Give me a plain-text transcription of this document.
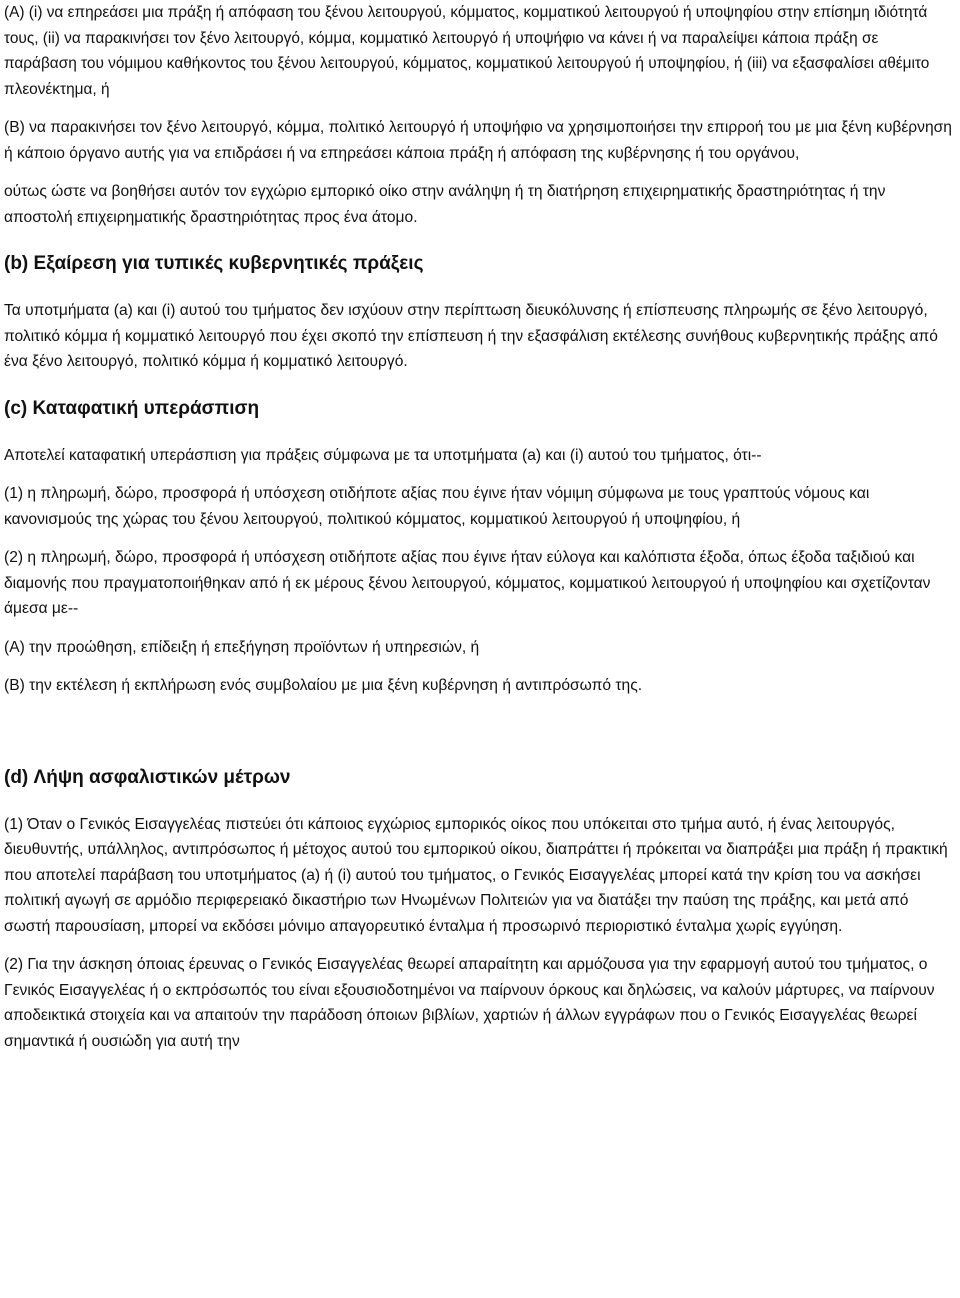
(A) (i) να επηρεάσει μια πράξη ή απόφαση του ξένου λειτουργού, κόμματος, κομματικού λειτουργού ή υποψηφίου στην επίσημη ιδιότητά τους, (ii) να παρακινήσει τον ξένο λειτουργό, κόμμα, κομματικό λειτουργό ή υποψήφιο να κάνει ή να παραλείψει κάποια πράξη σε παράβαση του νόμιμου καθήκοντος του ξένου λειτουργού, κόμματος, κομματικού λειτουργού ή υποψηφίου, ή (iii) να εξασφαλίσει αθέμιτο πλεονέκτημα, ή

(B) να παρακινήσει τον ξένο λειτουργό, κόμμα, πολιτικό λειτουργό ή υποψήφιο να χρησιμοποιήσει την επιρροή του με μια ξένη κυβέρνηση ή κάποιο όργανο αυτής για να επιδράσει ή να επηρεάσει κάποια πράξη ή απόφαση της κυβέρνησης ή του οργάνου,

ούτως ώστε να βοηθήσει αυτόν τον εγχώριο εμπορικό οίκο στην ανάληψη ή τη διατήρηση επιχειρηματικής δραστηριότητας ή την αποστολή επιχειρηματικής δραστηριότητας προς ένα άτομο.

(b) Εξαίρεση για τυπικές κυβερνητικές πράξεις

Τα υποτμήματα (a) και (i) αυτού του τμήματος δεν ισχύουν στην περίπτωση διευκόλυνσης ή επίσπευσης πληρωμής σε ξένο λειτουργό, πολιτικό κόμμα ή κομματικό λειτουργό που έχει σκοπό την επίσπευση ή την εξασφάλιση εκτέλεσης συνήθους κυβερνητικής πράξης από ένα ξένο λειτουργό, πολιτικό κόμμα ή κομματικό λειτουργό.

(c) Καταφατική υπεράσπιση

Αποτελεί καταφατική υπεράσπιση για πράξεις σύμφωνα με τα υποτμήματα (a) και (i) αυτού του τμήματος, ότι--

(1) η πληρωμή, δώρο, προσφορά ή υπόσχεση οτιδήποτε αξίας που έγινε ήταν νόμιμη σύμφωνα με τους γραπτούς νόμους και κανονισμούς της χώρας του ξένου λειτουργού, πολιτικού κόμματος, κομματικού λειτουργού ή υποψηφίου, ή

(2) η πληρωμή, δώρο, προσφορά ή υπόσχεση οτιδήποτε αξίας που έγινε ήταν εύλογα και καλόπιστα έξοδα, όπως έξοδα ταξιδιού και διαμονής που πραγματοποιήθηκαν από ή εκ μέρους ξένου λειτουργού, κόμματος, κομματικού λειτουργού ή υποψηφίου και σχετίζονταν άμεσα με--

(A) την προώθηση, επίδειξη ή επεξήγηση προϊόντων ή υπηρεσιών, ή

(B) την εκτέλεση ή εκπλήρωση ενός συμβολαίου με μια ξένη κυβέρνηση ή αντιπρόσωπό της.

(d) Λήψη ασφαλιστικών μέτρων

(1) Όταν ο Γενικός Εισαγγελέας πιστεύει ότι κάποιος εγχώριος εμπορικός οίκος που υπόκειται στο τμήμα αυτό, ή ένας λειτουργός, διευθυντής, υπάλληλος, αντιπρόσωπος ή μέτοχος αυτού του εμπορικού οίκου, διαπράττει ή πρόκειται να διαπράξει μια πράξη ή πρακτική που αποτελεί παράβαση του υποτμήματος (a) ή (i) αυτού του τμήματος, ο Γενικός Εισαγγελέας μπορεί κατά την κρίση του να ασκήσει πολιτική αγωγή σε αρμόδιο περιφερειακό δικαστήριο των Ηνωμένων Πολιτειών για να διατάξει την παύση της πράξης, και μετά από σωστή παρουσίαση, μπορεί να εκδόσει μόνιμο απαγορευτικό ένταλμα ή προσωρινό περιοριστικό ένταλμα χωρίς εγγύηση.

(2) Για την άσκηση όποιας έρευνας ο Γενικός Εισαγγελέας θεωρεί απαραίτητη και αρμόζουσα για την εφαρμογή αυτού του τμήματος, ο Γενικός Εισαγγελέας ή ο εκπρόσωπός του είναι εξουσιοδοτημένοι να παίρνουν όρκους και δηλώσεις, να καλούν μάρτυρες, να παίρνουν αποδεικτικά στοιχεία και να απαιτούν την παράδοση όποιων βιβλίων, χαρτιών ή άλλων εγγράφων που ο Γενικός Εισαγγελέας θεωρεί σημαντικά ή ουσιώδη για αυτή την
